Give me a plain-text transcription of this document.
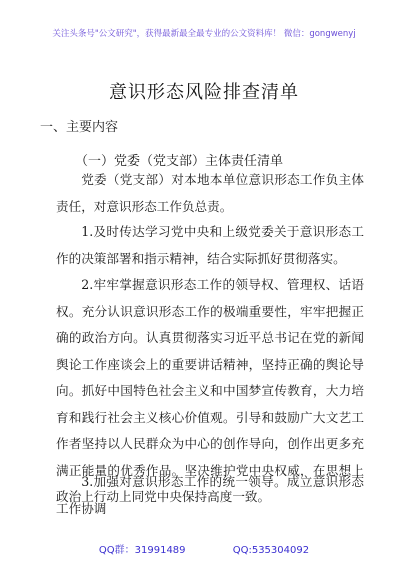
关注头条号"公文研究"，获得最新最全最专业的公文资料库！ 微信：gongwenyj
意识形态风险排查清单
一、主要内容
（一）党委（党支部）主体责任清单

党委（党支部）对本地本单位意识形态工作负主体责任，对意识形态工作负总责。

1.及时传达学习党中央和上级党委关于意识形态工作的决策部署和指示精神，结合实际抓好贯彻落实。

2.牢牢掌握意识形态工作的领导权、管理权、话语权。充分认识意识形态工作的极端重要性，牢牢把握正确的政治方向。认真贯彻落实习近平总书记在党的新闻舆论工作座谈会上的重要讲话精神，坚持正确的舆论导向。抓好中国特色社会主义和中国梦宣传教育，大力培育和践行社会主义核心价值观。引导和鼓励广大文艺工作者坚持以人民群众为中心的创作导向，创作出更多充满正能量的优秀作品。坚决维护党中央权威，在思想上政治上行动上同党中央保持高度一致。

3.加强对意识形态工作的统一领导。成立意识形态工作协调

QQ群：31991489	QQ:535304092
